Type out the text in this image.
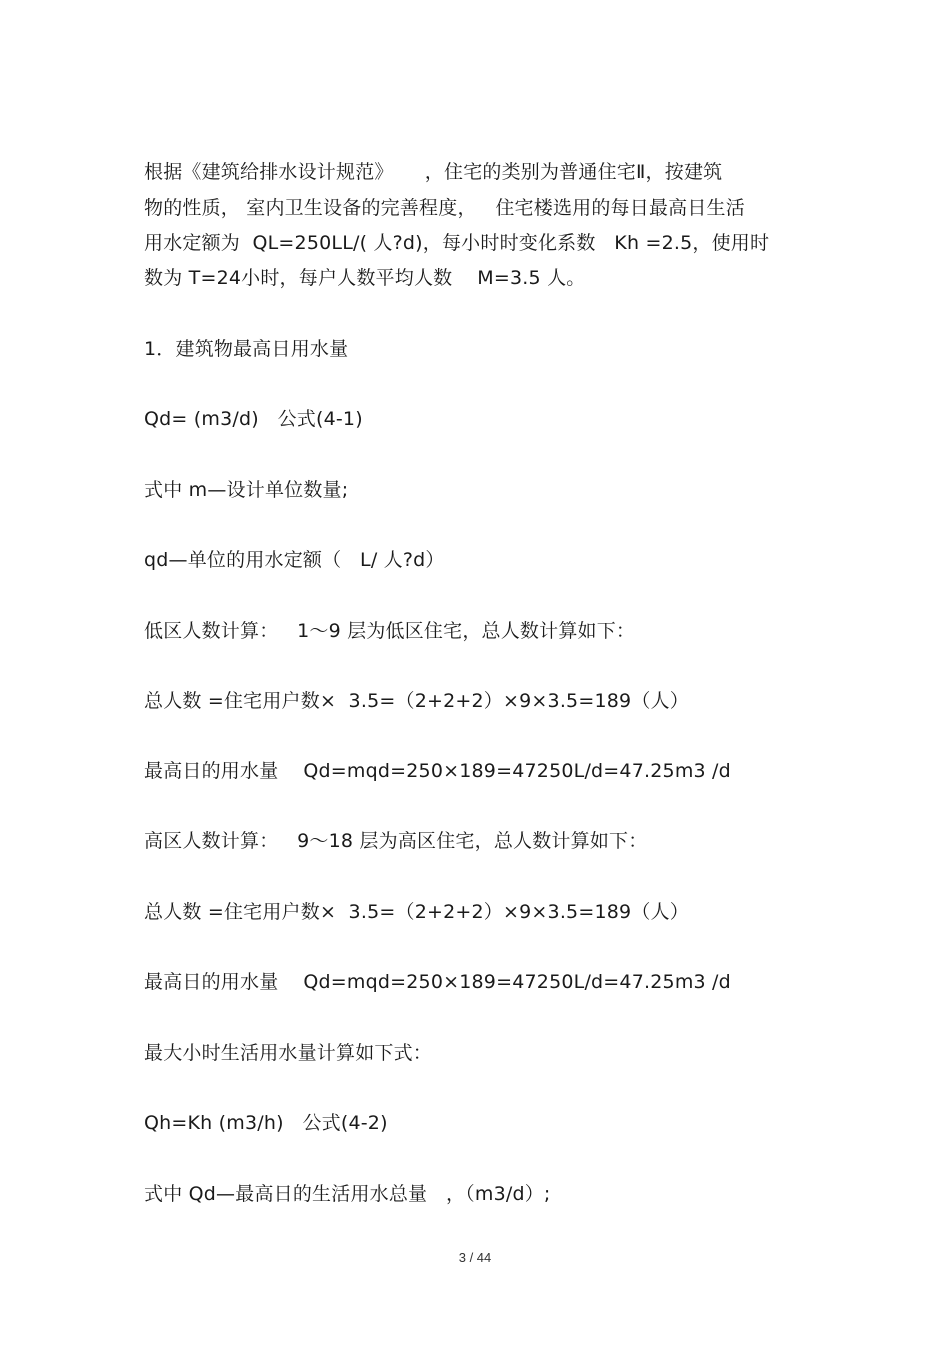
根据《建筑给排水设计规范》     ，住宅的类别为普通住宅Ⅱ，按建筑
物的性质， 室内卫生设备的完善程度，   住宅楼选用的每日最高日生活
用水定额为  QL=250LL/( 人?d)，每小时时变化系数   Kh =2.5，使用时
数为 T=24小时，每户人数平均人数    M=3.5 人。
1．建筑物最高日用水量
Qd= (m3/d)   公式(4-1)
式中 m—设计单位数量;
qd—单位的用水定额（   L/ 人?d）
低区人数计算：   1～9 层为低区住宅，总人数计算如下：
总人数 =住宅用户数×  3.5=（2+2+2）×9×3.5=189（人）
最高日的用水量    Qd=mqd=250×189=47250L/d=47.25m3 /d
高区人数计算：   9～18 层为高区住宅，总人数计算如下：
总人数 =住宅用户数×  3.5=（2+2+2）×9×3.5=189（人）
最高日的用水量    Qd=mqd=250×189=47250L/d=47.25m3 /d
最大小时生活用水量计算如下式：
Qh=Kh (m3/h)   公式(4-2)
式中 Qd—最高日的生活用水总量   ，（m3/d）;
3 / 44
